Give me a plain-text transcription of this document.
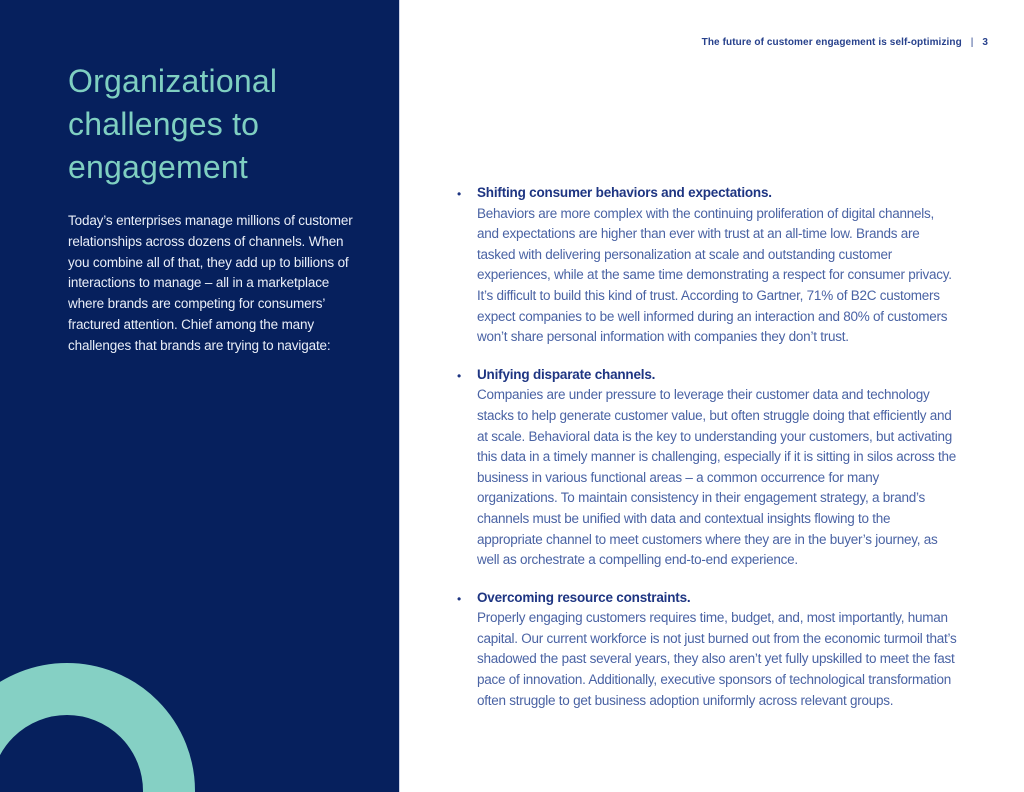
Organizational challenges to engagement

Today’s enterprises manage millions of customer relationships across dozens of channels. When you combine all of that, they add up to billions of interactions to manage – all in a marketplace where brands are competing for consumers’ fractured attention. Chief among the many challenges that brands are trying to navigate:

The future of customer engagement is self-optimizing | 3
•	Shifting consumer behaviors and expectations.
Behaviors are more complex with the continuing proliferation of digital channels, and expectations are higher than ever with trust at an all-time low. Brands are tasked with delivering personalization at scale and outstanding customer experiences, while at the same time demonstrating a respect for consumer privacy. It’s difficult to build this kind of trust. According to Gartner, 71% of B2C customers expect companies to be well informed during an interaction and 80% of customers won’t share personal information with companies they don’t trust.
•	Unifying disparate channels.
Companies are under pressure to leverage their customer data and technology stacks to help generate customer value, but often struggle doing that efficiently and at scale. Behavioral data is the key to understanding your customers, but activating this data in a timely manner is challenging, especially if it is sitting in silos across the business in various functional areas – a common occurrence for many organizations. To maintain consistency in their engagement strategy, a brand’s channels must be unified with data and contextual insights flowing to the appropriate channel to meet customers where they are in the buyer’s journey, as well as orchestrate a compelling end-to-end experience.
•	Overcoming resource constraints.
Properly engaging customers requires time, budget, and, most importantly, human capital. Our current workforce is not just burned out from the economic turmoil that’s shadowed the past several years, they also aren’t yet fully upskilled to meet the fast pace of innovation. Additionally, executive sponsors of technological transformation often struggle to get business adoption uniformly across relevant groups.
